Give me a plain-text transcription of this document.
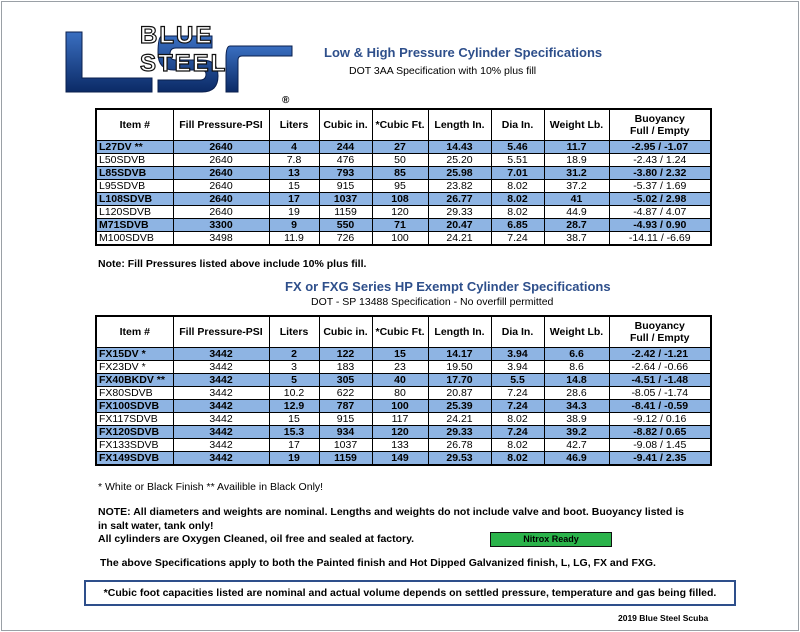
BLUE STEEL
®
Low & High Pressure Cylinder Specifications
DOT 3AA Specification with 10% plus fill
Item #	Fill Pressure-PSI	Liters	Cubic in.	*Cubic Ft.	Length In.	Dia In.	Weight Lb.	Buoyancy
Full / Empty

L27DV **	2640	4	244	27	14.43	5.46	11.7	-2.95 / -1.07
L50SDVB	2640	7.8	476	50	25.20	5.51	18.9	-2.43 / 1.24
L85SDVB	2640	13	793	85	25.98	7.01	31.2	-3.80 / 2.32
L95SDVB	2640	15	915	95	23.82	8.02	37.2	-5.37 / 1.69
L108SDVB	2640	17	1037	108	26.77	8.02	41	-5.02 / 2.98
L120SDVB	2640	19	1159	120	29.33	8.02	44.9	-4.87 / 4.07
M71SDVB	3300	9	550	71	20.47	6.85	28.7	-4.93 / 0.90
M100SDVB	3498	11.9	726	100	24.21	7.24	38.7	-14.11 / -6.69
Note: Fill Pressures listed above include 10% plus fill.
FX or FXG Series HP Exempt Cylinder Specifications
DOT - SP 13488 Specification - No overfill permitted
Item #	Fill Pressure-PSI	Liters	Cubic in.	*Cubic Ft.	Length In.	Dia In.	Weight Lb.	Buoyancy
Full / Empty

FX15DV *	3442	2	122	15	14.17	3.94	6.6	-2.42 / -1.21
FX23DV *	3442	3	183	23	19.50	3.94	8.6	-2.64 / -0.66
FX40BKDV **	3442	5	305	40	17.70	5.5	14.8	-4.51 / -1.48
FX80SDVB	3442	10.2	622	80	20.87	7.24	28.6	-8.05 / -1.74
FX100SDVB	3442	12.9	787	100	25.39	7.24	34.3	-8.41 / -0.59
FX117SDVB	3442	15	915	117	24.21	8.02	38.9	-9.12 / 0.16
FX120SDVB	3442	15.3	934	120	29.33	7.24	39.2	-8.82 / 0.65
FX133SDVB	3442	17	1037	133	26.78	8.02	42.7	-9.08 / 1.45
FX149SDVB	3442	19	1159	149	29.53	8.02	46.9	-9.41 / 2.35
* White or Black Finish ** Availible in Black Only!
NOTE: All diameters and weights are nominal. Lengths and weights do not include valve and boot. Buoyancy listed is
in salt water, tank only!
All cylinders are Oxygen Cleaned, oil free and sealed at factory.	Nitrox Ready
The above Specifications apply to both the Painted finish and Hot Dipped Galvanized finish, L, LG, FX and FXG.
*Cubic foot capacities listed are nominal and actual volume depends on settled pressure, temperature and gas being filled.
2019 Blue Steel Scuba
